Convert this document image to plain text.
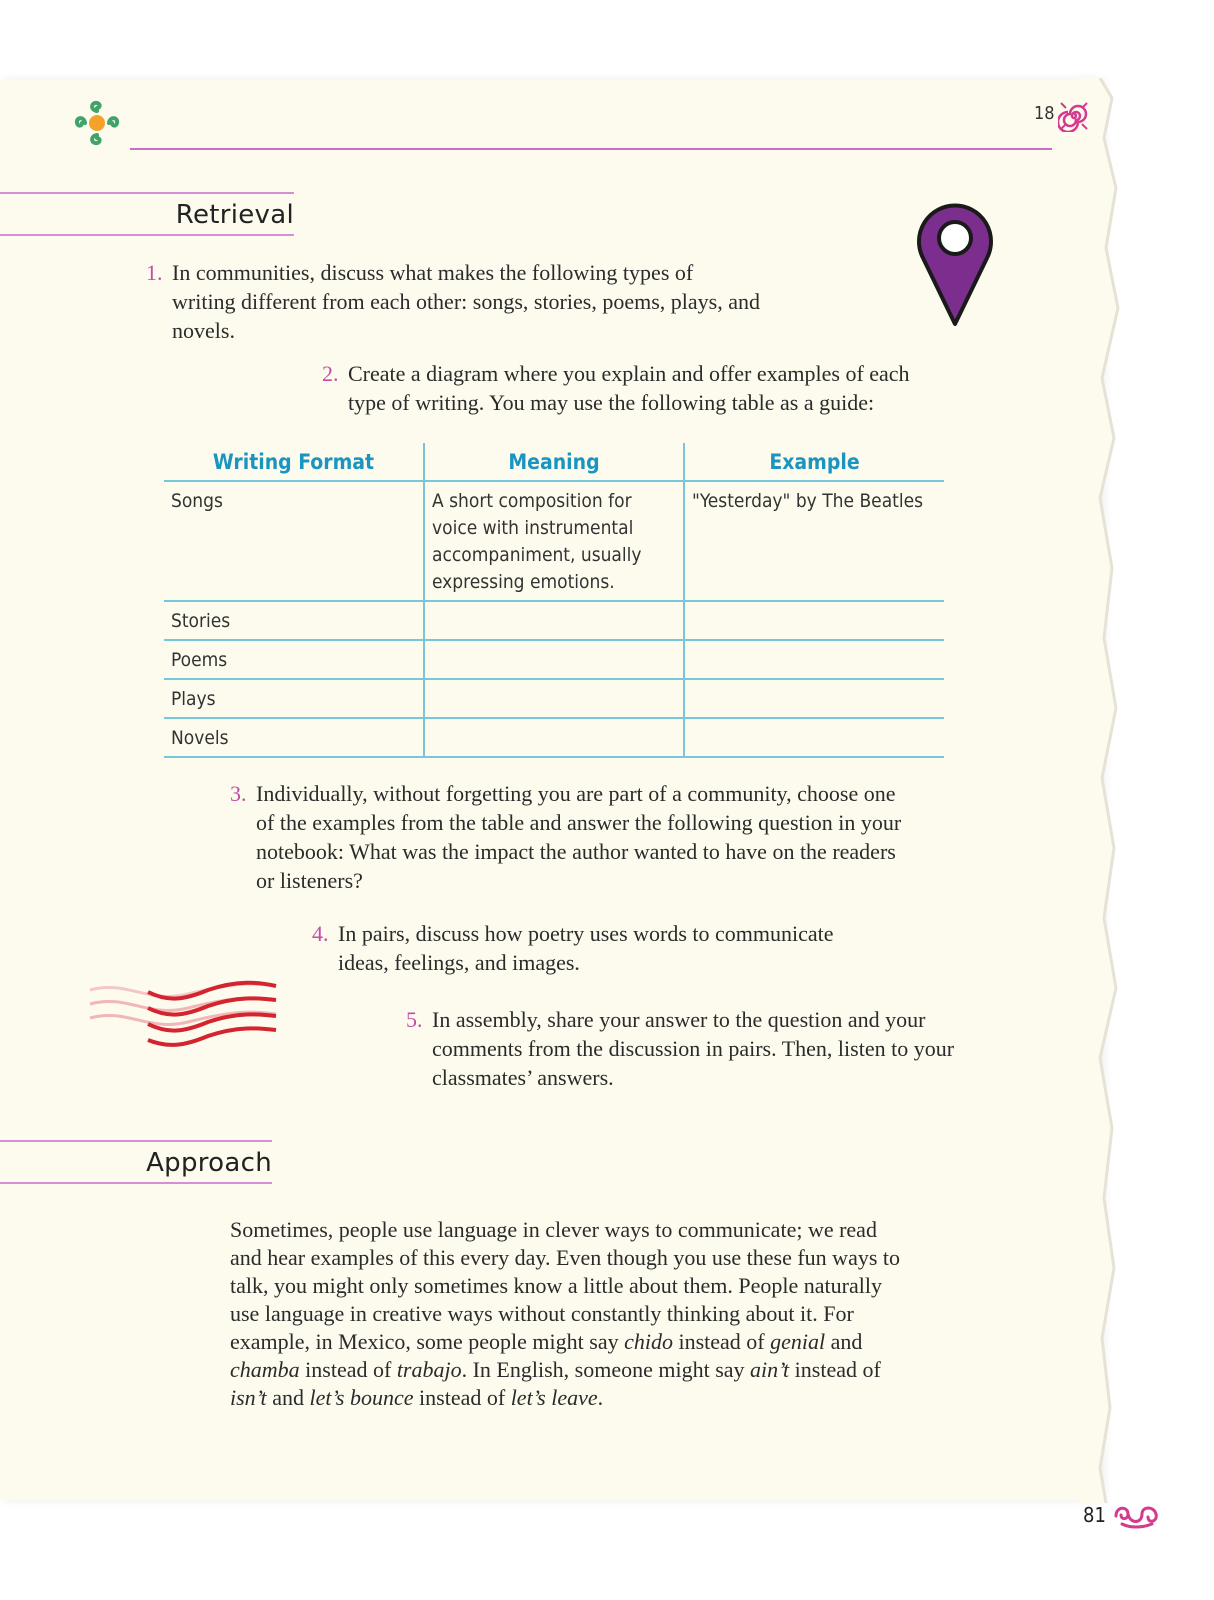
18
Retrieval
1. In communities, discuss what makes the following types of writing different from each other: songs, stories, poems, plays, and novels.
2. Create a diagram where you explain and offer examples of each type of writing. You may use the following table as a guide:
Writing Format	Meaning	Example
Songs	A short composition for voice with instrumental accompaniment, usually expressing emotions.	"Yesterday" by The Beatles
Stories		
Poems		
Plays		
Novels		
3. Individually, without forgetting you are part of a community, choose one of the examples from the table and answer the following question in your notebook: What was the impact the author wanted to have on the readers or listeners?
4. In pairs, discuss how poetry uses words to communicate ideas, feelings, and images.
5. In assembly, share your answer to the question and your comments from the discussion in pairs. Then, listen to your classmates’ answers.
Approach
Sometimes, people use language in clever ways to communicate; we read and hear examples of this every day. Even though you use these fun ways to talk, you might only sometimes know a little about them. People naturally use language in creative ways without constantly thinking about it. For example, in Mexico, some people might say chido instead of genial and chamba instead of trabajo. In English, someone might say ain’t instead of isn’t and let’s bounce instead of let’s leave.
81
